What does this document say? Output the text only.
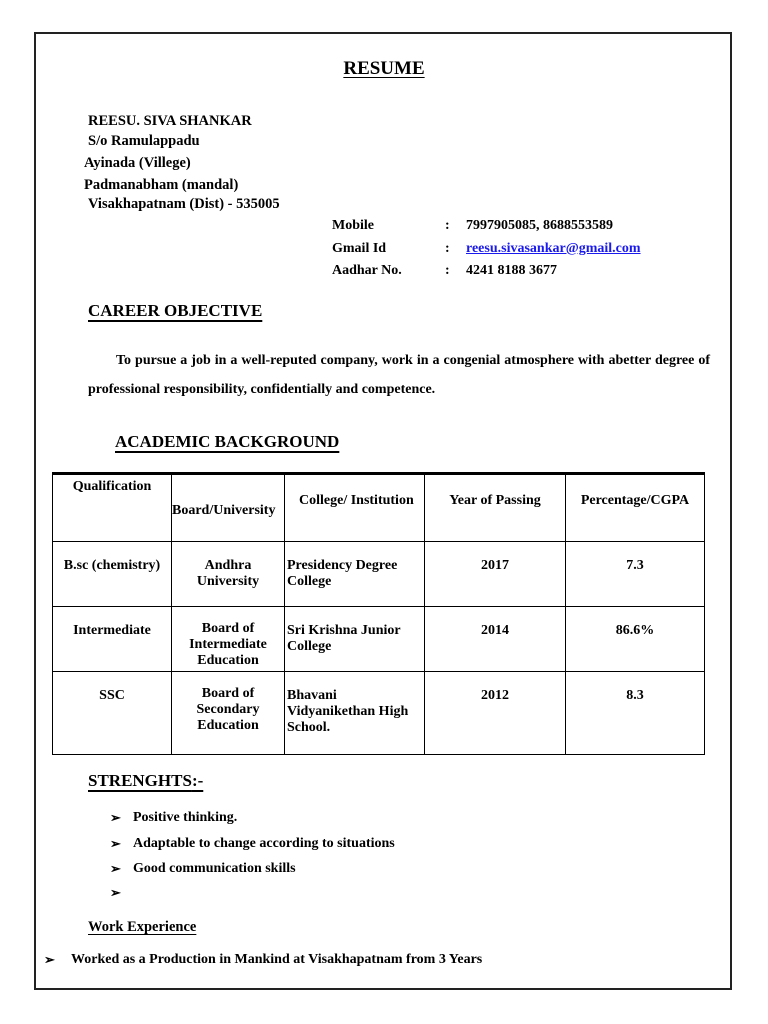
RESUME
REESU. SIVA SHANKAR
S/o Ramulappadu
Ayinada (Villege)
Padmanabham (mandal)
Visakhapatnam (Dist) - 535005
Mobile	: 7997905085, 8688553589
Gmail Id	: reesu.sivasankar@gmail.com
Aadhar No.	: 4241 8188 3677
CAREER OBJECTIVE
To pursue a job in a well-reputed company, work in a congenial atmosphere with abetter degree of professional responsibility, confidentially and competence.
ACADEMIC BACKGROUND
Qualification	Board/University	College/ Institution	Year of Passing	Percentage/CGPA

B.sc (chemistry)	Andhra University	Presidency Degree College	2017	7.3

Intermediate	Board of Intermediate Education	Sri Krishna Junior College	2014	86.6%

SSC	Board of Secondary Education	Bhavani Vidyanikethan High School.	2012	8.3
STRENGHTS:-
➢ Positive thinking.
➢ Adaptable to change according to situations
➢ Good communication skills
➢
Work Experience
➢ Worked as a Production in Mankind at Visakhapatnam from 3 Years
